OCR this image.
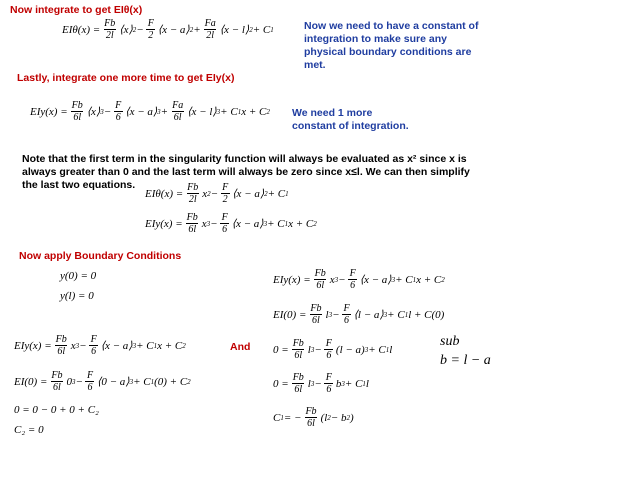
Now integrate to get EIθ(x)
$EI\theta(x) = \frac{Fb}{2l}$ ⟨x⟩ $2 - \frac{F}{2}$ ⟨x − a⟩ $2 + \frac{Fa}{2l}$ ⟨x − l⟩ 2 + C 1	Now we need to have a constant of integration to make sure any physical boundary conditions are met.
Lastly, integrate one more time to get EIy(x)
$EIy(x) = \frac{Fb}{6l}$ ⟨x⟩ $3 - \frac{F}{6}$ ⟨x − a⟩ $3 + \frac{Fa}{6l}$ ⟨x − l⟩ 3 + C 1 x + C 2 We need 1 more constant of integration.
Note that the first term in the singularity function will always be evaluated as x² since x is always greater than 0 and the last term will always be zero since x≤l. We can then simplify the last two equations.
$EI\theta(x) = \frac{Fb}{2l}$ x $2 - \frac{F}{2}$ ⟨x − a⟩ 2 + C 1
$EIy(x) = \frac{Fb}{6l}$ x $3 - \frac{F}{6}$ ⟨x − a⟩ 3 + C 1 x + C 2
Now apply Boundary Conditions
y(0) = 0
y(l) = 0
$EIy(x) = \frac{Fb}{6l}$ x $3 - \frac{F}{6}$ ⟨x − a⟩ 3 + C 1 x + C 2	And
$EI(0) = \frac{Fb}{6l} 0$ $3 - \frac{F}{6}$ ⟨0 − a⟩ 3 + C 1 (0) + C 2
0 = 0 − 0 + 0 + C₂
C₂ = 0
$EIy(x) = \frac{Fb}{6l}$ x $3 - \frac{F}{6}$ ⟨x − a⟩ 3 + C 1 x + C 2
$EI(0) = \frac{Fb}{6l}$ l $3 - \frac{F}{6}$ ⟨l − a⟩ 3 + C 1 l + C(0)
$0 = \frac{Fb}{6l}$ l $3 - \frac{F}{6} (l - a) 3 + C$ 1 l
$0 = \frac{Fb}{6l}$ l $3 - \frac{F}{6}$ b 3 + C 1 l
C 1 = − $\frac{Fb}{6l} (l$ 2 − b 2 )
sub
b = l − a
